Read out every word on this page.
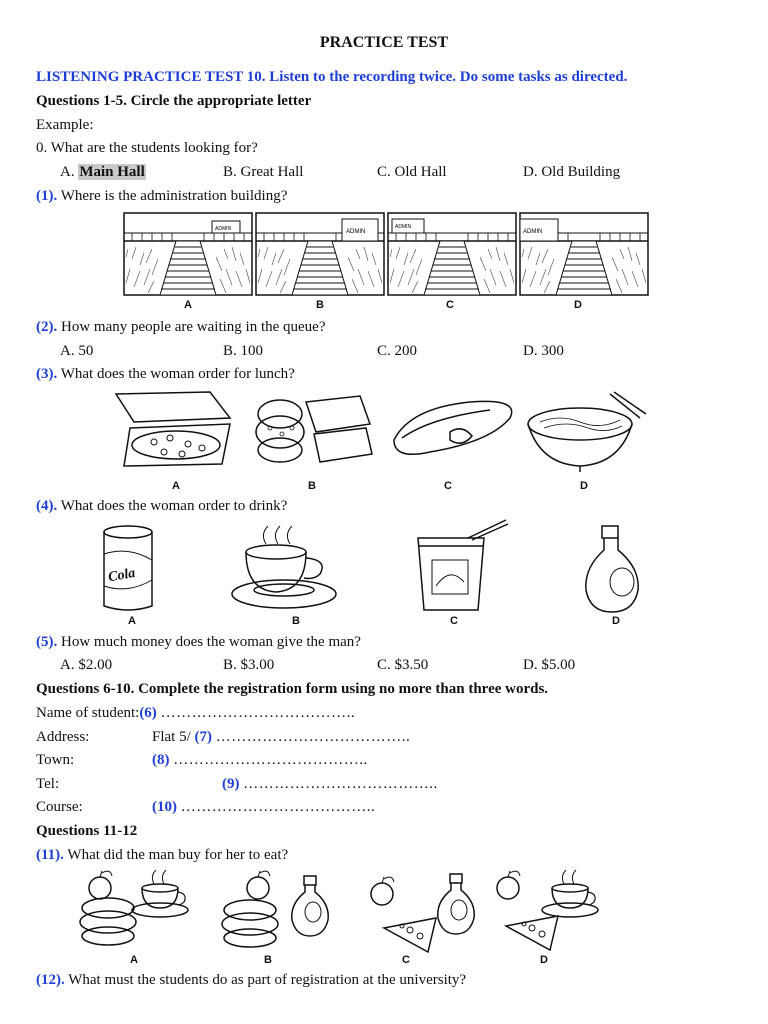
PRACTICE TEST
LISTENING PRACTICE TEST 10. Listen to the recording twice. Do some tasks as directed.
Questions 1-5. Circle the appropriate letter
Example:
0. What are the students looking for?
A. Main Hall	B. Great Hall	C. Old Hall	D. Old Building
(1). Where is the administration building?
ADMIN	ADMIN
ADMIN
ADMIN
A	B	C	D
(2). How many people are waiting in the queue?
A. 50	B. 100	C. 200	D. 300
(3). What does the woman order for lunch?
A	B	C	D
(4). What does the woman order to drink?
Cola
A	B	C	D
(5). How much money does the woman give the man?
A. $2.00	B. $3.00	C. $3.50	D. $5.00
Questions 6-10. Complete the registration form using no more than three words.
Name of student:(6) ………………………………..
Address:	Flat 5/ (7) ………………………………..
Town:	(8) ………………………………..
Tel:	(9) ………………………………..
Course:	(10) ………………………………..
Questions 11-12
(11). What did the man buy for her to eat?
A	B	C	D
(12). What must the students do as part of registration at the university?
